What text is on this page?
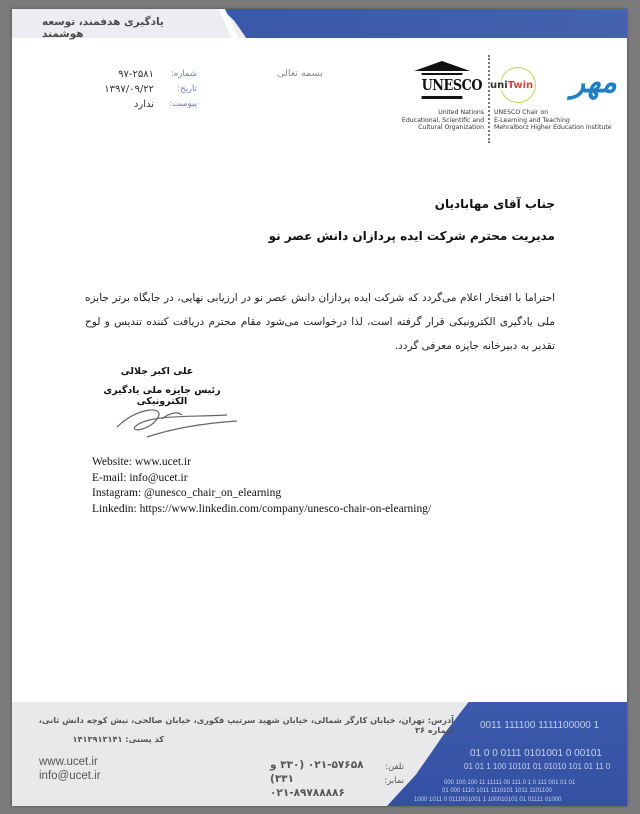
یادگیری هدفمند، توسعه هوشمند
شماره:
تاریخ:
پیوست:
۹۷-۲۵۸۱
۱۳۹۷/۰۹/۲۲
ندارد
بسمه تعالی
UNESCO
United Nations
Educational, Scientific and
Cultural Organization
uniTwin	مهر
UNESCO Chair on
E-Learning and Teaching
Mehralborz Higher Education Institute
جناب آقای مهابادیان
مدیریت محترم شرکت ایده پردازان دانش عصر نو
احتراما با افتخار اعلام می‌گردد که شرکت ایده پردازان دانش عصر نو در ارزیابی نهایی، در جایگاه برتر جایزه ملی یادگیری الکترونیکی قرار گرفته است، لذا درخواست می‌شود مقام محترم دریافت کننده تندیس و لوح تقدیر به دبیرخانه جایزه معرفی گردد.
علی اکبر جلالی
رئیس جایزه ملی یادگیری الکترونیکی
Website: www.ucet.ir
E-mail: info@ucet.ir
Instagram: @unesco_chair_on_elearning
Linkedin: https://www.linkedin.com/company/unesco-chair-on-elearning/
آدرس: تهران، خیابان کارگر شمالی، خیابان شهید سرتیپ فکوری، خیابان صالحی، نبش کوچه دانش ثانی، شماره ۳۶
کد پستی: ۱۴۱۳۹۱۳۱۴۱
www.ucet.ir
info@ucet.ir
تلفن:
نمابر:
۰۲۱-۵۷۶۵۸ (۳۳۰ و ۳۳۱)
۰۲۱-۸۹۷۸۸۸۸۶
0011 111100 1111100000 1
01 0 0 0111 0101001 0 00101
01 01 1 100 10101 01 01010 101 01 11 0
000 100 100 11 11111 00 111 0 1 0 111 001 01 01
01 000 1110 1011 1110101 1011 1101100
1000 1011 0 0111001001 1 100010101 01 01111 01000
